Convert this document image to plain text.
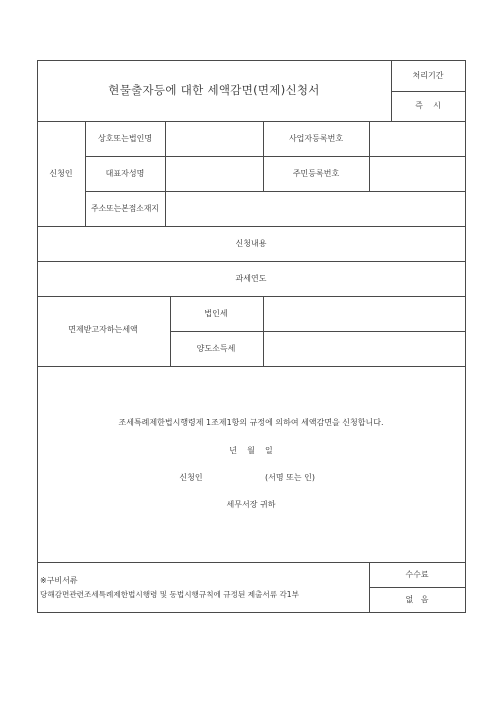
현물출자등에 대한 세액감면(면제)신청서
처리기간
즉    시
신청인
상호또는법인명	사업자등록번호
대표자성명	주민등록번호
주소또는본점소재지
신청내용
과세연도
면제받고자하는세액
법인세
양도소득세
조세특례제한법시행령제 1조제1항의 규정에 의하여 세액감면을 신청합니다.
년    월    일
신청인	(서명 또는 인)
세무서장 귀하
※구비서류
당해감면관련조세특례제한법시행령 및 동법시행규칙에 규정된 제출서류 각1부
수수료
없   음
